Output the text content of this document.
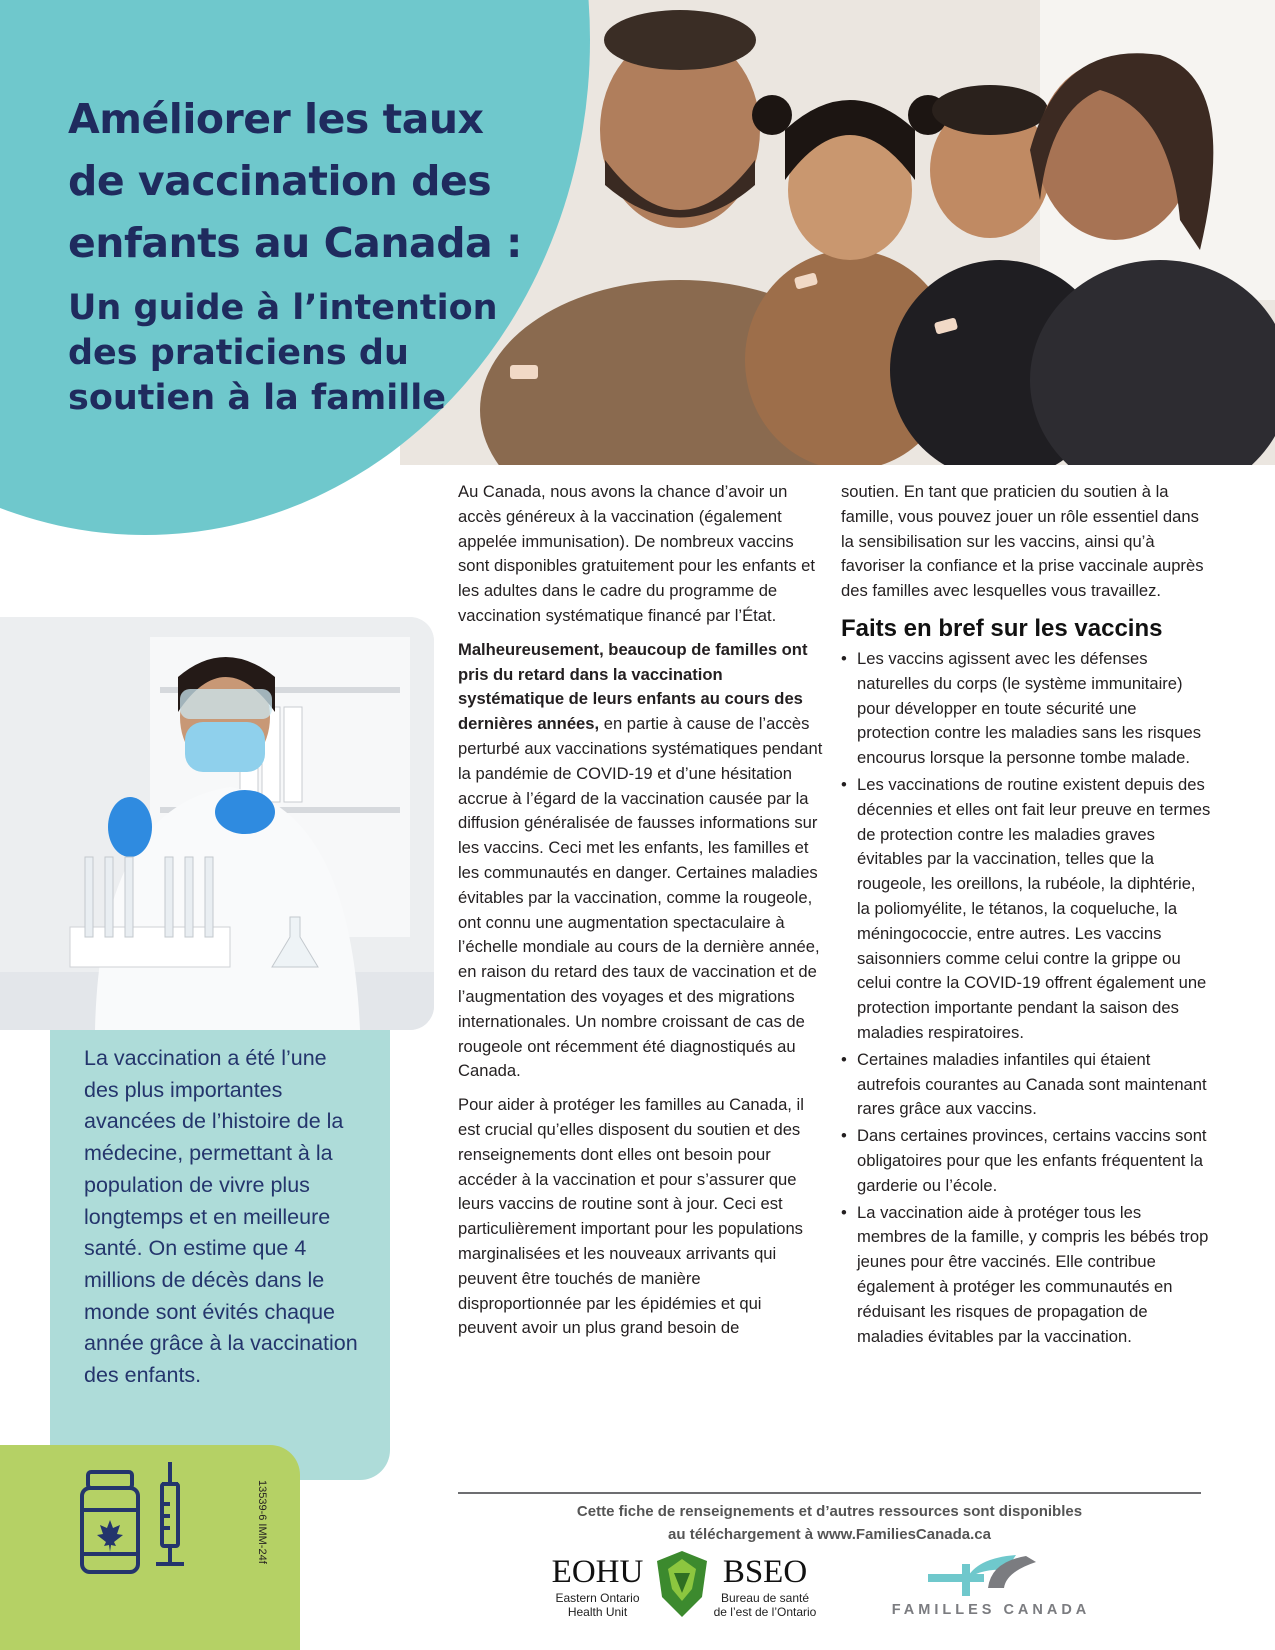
Améliorer les taux
de vaccination des
enfants au Canada :
Un guide à l’intention
des praticiens du
soutien à la famille

La vaccination a été l’une des plus importantes avancées de l’histoire de la médecine, permettant à la population de vivre plus longtemps et en meilleure santé. On estime que 4 millions de décès dans le monde sont évités chaque année grâce à la vaccination des enfants.

13539-6 IMM-24f

Au Canada, nous avons la chance d’avoir un accès généreux à la vaccination (également appelée immunisation). De nombreux vaccins sont disponibles gratuitement pour les enfants et les adultes dans le cadre du programme de vaccination systématique financé par l’État.

Malheureusement, beaucoup de familles ont pris du retard dans la vaccination systématique de leurs enfants au cours des dernières années, en partie à cause de l’accès perturbé aux vaccinations systématiques pendant la pandémie de COVID-19 et d’une hésitation accrue à l’égard de la vaccination causée par la diffusion généralisée de fausses informations sur les vaccins. Ceci met les enfants, les familles et les communautés en danger. Certaines maladies évitables par la vaccination, comme la rougeole, ont connu une augmentation spectaculaire à l’échelle mondiale au cours de la dernière année, en raison du retard des taux de vaccination et de l’augmentation des voyages et des migrations internationales. Un nombre croissant de cas de rougeole ont récemment été diagnostiqués au Canada.

Pour aider à protéger les familles au Canada, il est crucial qu’elles disposent du soutien et des renseignements dont elles ont besoin pour accéder à la vaccination et pour s’assurer que leurs vaccins de routine sont à jour. Ceci est particulièrement important pour les populations marginalisées et les nouveaux arrivants qui peuvent être touchés de manière disproportionnée par les épidémies et qui peuvent avoir un plus grand besoin de

soutien. En tant que praticien du soutien à la famille, vous pouvez jouer un rôle essentiel dans la sensibilisation sur les vaccins, ainsi qu’à favoriser la confiance et la prise vaccinale auprès des familles avec lesquelles vous travaillez.

Faits en bref sur les vaccins
• Les vaccins agissent avec les défenses naturelles du corps (le système immunitaire) pour développer en toute sécurité une protection contre les maladies sans les risques encourus lorsque la personne tombe malade.
• Les vaccinations de routine existent depuis des décennies et elles ont fait leur preuve en termes de protection contre les maladies graves évitables par la vaccination, telles que la rougeole, les oreillons, la rubéole, la diphtérie, la poliomyélite, le tétanos, la coqueluche, la méningococcie, entre autres. Les vaccins saisonniers comme celui contre la grippe ou celui contre la COVID-19 offrent également une protection importante pendant la saison des maladies respiratoires.
• Certaines maladies infantiles qui étaient autrefois courantes au Canada sont maintenant rares grâce aux vaccins.
• Dans certaines provinces, certains vaccins sont obligatoires pour que les enfants fréquentent la garderie ou l’école.
• La vaccination aide à protéger tous les membres de la famille, y compris les bébés trop jeunes pour être vaccinés. Elle contribue également à protéger les communautés en réduisant les risques de propagation de maladies évitables par la vaccination.

Cette fiche de renseignements et d’autres ressources sont disponibles
au téléchargement à www.FamiliesCanada.ca

EOHU
Eastern Ontario
Health Unit
BSEO
Bureau de santé
de l’est de l’Ontario	FAMILLES CANADA
